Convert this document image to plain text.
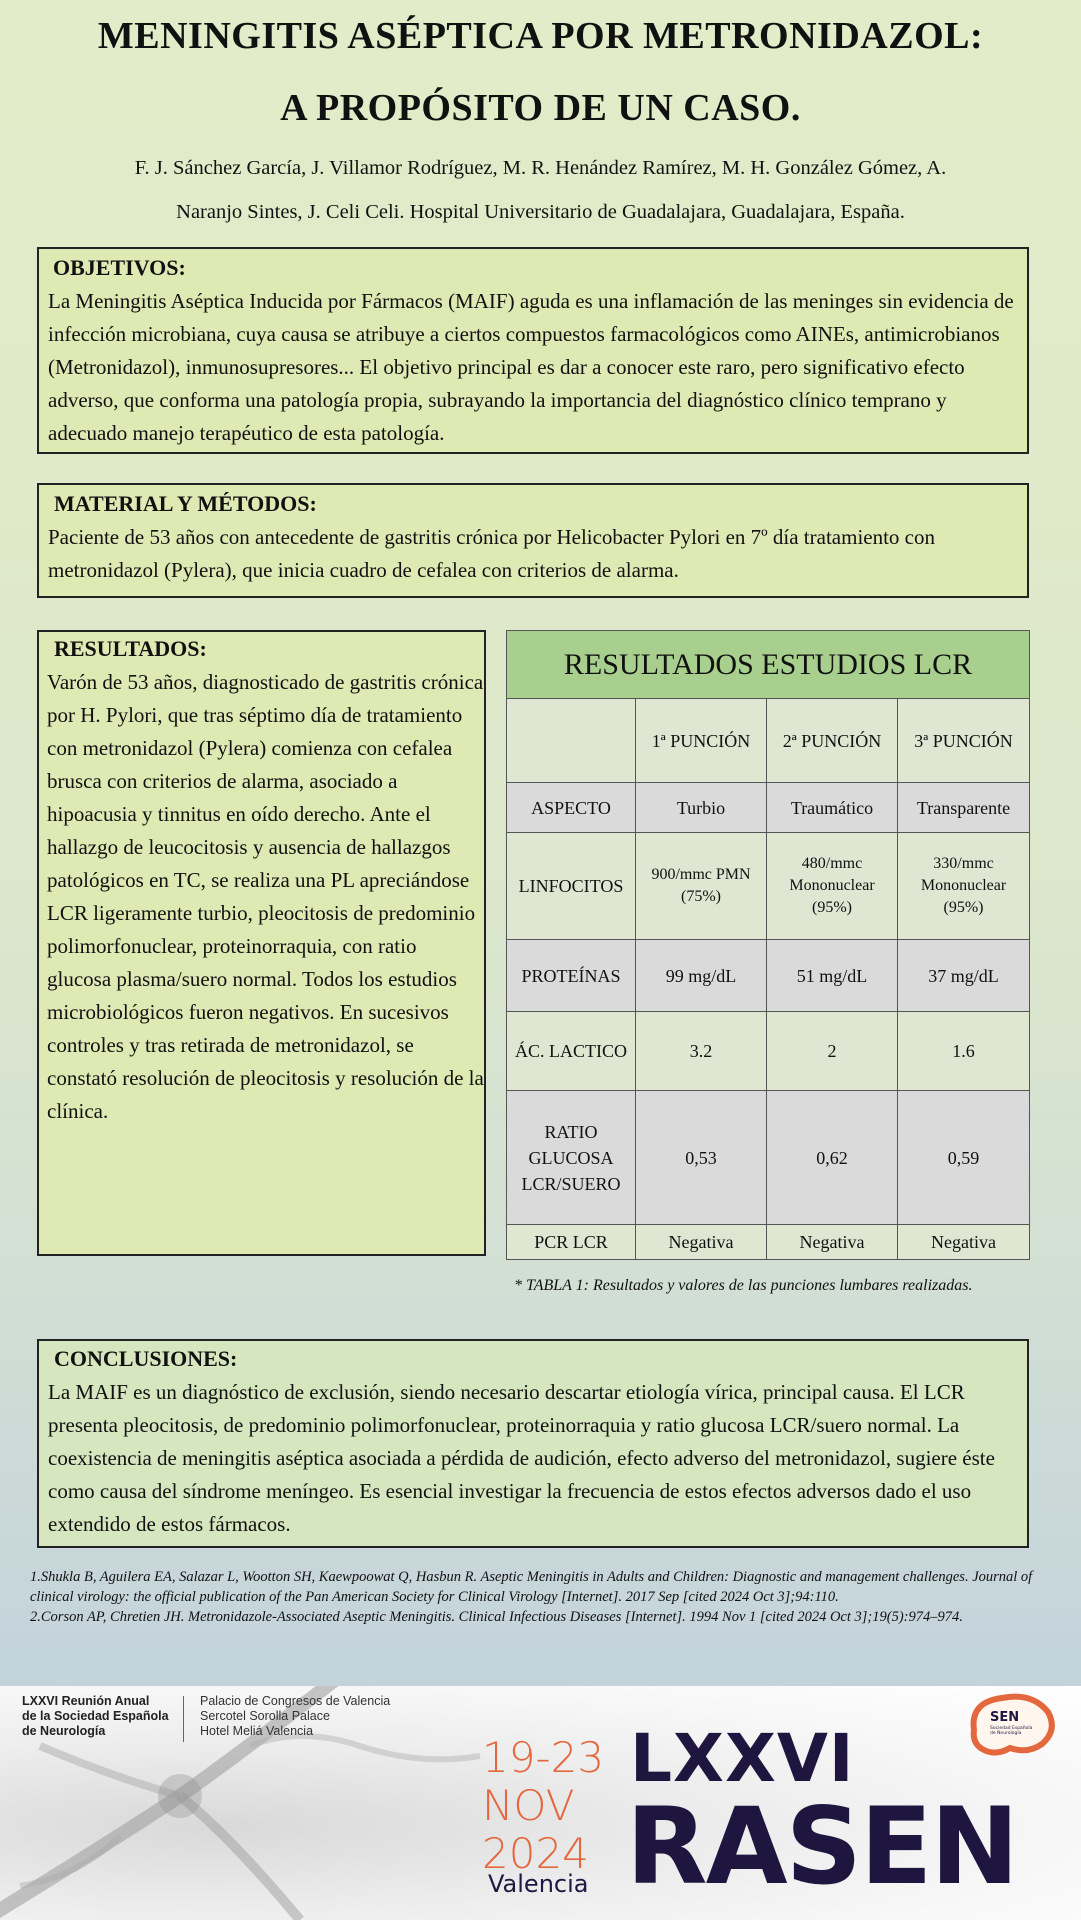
MENINGITIS ASÉPTICA POR METRONIDAZOL:
A PROPÓSITO DE UN CASO.
F. J. Sánchez García, J. Villamor Rodríguez, M. R. Henández Ramírez, M. H. González Gómez, A.
Naranjo Sintes, J. Celi Celi. Hospital Universitario de Guadalajara, Guadalajara, España.
OBJETIVOS:

La Meningitis Aséptica Inducida por Fármacos (MAIF) aguda es una inflamación de las meninges sin evidencia de infección microbiana, cuya causa se atribuye a ciertos compuestos farmacológicos como AINEs, antimicrobianos (Metronidazol), inmunosupresores... El objetivo principal es dar a conocer este raro, pero significativo efecto adverso, que conforma una patología propia, subrayando la importancia del diagnóstico clínico temprano y adecuado manejo terapéutico de esta patología.

MATERIAL Y MÉTODOS:

Paciente de 53 años con antecedente de gastritis crónica por Helicobacter Pylori en 7º día tratamiento con metronidazol (Pylera), que inicia cuadro de cefalea con criterios de alarma.

RESULTADOS:

Varón de 53 años, diagnosticado de gastritis crónica por H. Pylori, que tras séptimo día de tratamiento con metronidazol (Pylera) comienza con cefalea brusca con criterios de alarma, asociado a hipoacusia y tinnitus en oído derecho. Ante el hallazgo de leucocitosis y ausencia de hallazgos patológicos en TC, se realiza una PL apreciándose LCR ligeramente turbio, pleocitosis de predominio polimorfonuclear, proteinorraquia, con ratio glucosa plasma/suero normal. Todos los estudios microbiológicos fueron negativos. En sucesivos controles y tras retirada de metronidazol, se constató resolución de pleocitosis y resolución de la clínica.

RESULTADOS ESTUDIOS LCR			
	1ª PUNCIÓN	2ª PUNCIÓN	3ª PUNCIÓN
ASPECTO	Turbio	Traumático	Transparente
LINFOCITOS	900/mmc PMN (75%)	480/mmc Mononuclear (95%)	330/mmc Mononuclear (95%)
PROTEÍNAS	99 mg/dL	51 mg/dL	37 mg/dL
ÁC. LACTICO	3.2	2	1.6
RATIO GLUCOSA LCR/SUERO	0,53	0,62	0,59
PCR LCR	Negativa	Negativa	Negativa
* TABLA 1: Resultados y valores de las punciones lumbares realizadas.
CONCLUSIONES:

La MAIF es un diagnóstico de exclusión, siendo necesario descartar etiología vírica, principal causa. El LCR presenta pleocitosis, de predominio polimorfonuclear, proteinorraquia y ratio glucosa LCR/suero normal. La coexistencia de meningitis aséptica asociada a pérdida de audición, efecto adverso del metronidazol, sugiere éste como causa del síndrome meníngeo. Es esencial investigar la frecuencia de estos efectos adversos dado el uso extendido de estos fármacos.

1.Shukla B, Aguilera EA, Salazar L, Wootton SH, Kaewpoowat Q, Hasbun R. Aseptic Meningitis in Adults and Children: Diagnostic and management challenges. Journal of clinical virology: the official publication of the Pan American Society for Clinical Virology [Internet]. 2017 Sep [cited 2024 Oct 3];94:110.
2.Corson AP, Chretien JH. Metronidazole-Associated Aseptic Meningitis. Clinical Infectious Diseases [Internet]. 1994 Nov 1 [cited 2024 Oct 3];19(5):974–974.
LXXVI Reunión Anual
de la Sociedad Española
de Neurología
Palacio de Congresos de Valencia
Sercotel Sorolla Palace
Hotel Meliá Valencia
19-23
NOV
2024
Valencia
LXXVI
RASEN
SEN
Sociedad Española de Neurología
